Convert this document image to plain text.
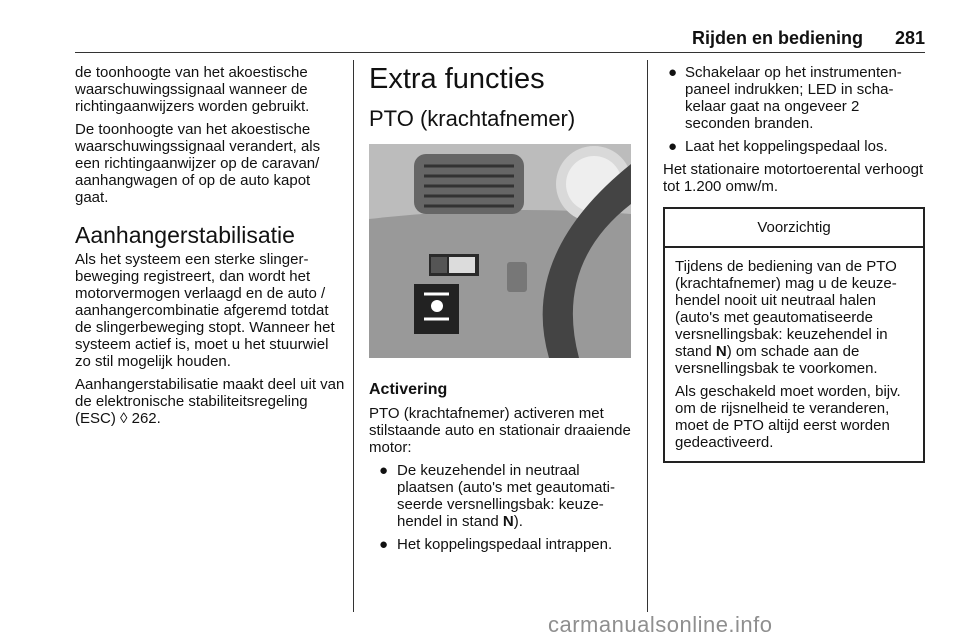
Rijden en bediening 281

de toonhoogte van het akoestische waarschuwingssignaal wanneer de richtingaanwijzers worden gebruikt.

De toonhoogte van het akoestische waarschuwingssignaal verandert, als een richtingaanwijzer op de caravan/ aanhangwagen of op de auto kapot gaat.

Aanhangerstabilisatie

Als het systeem een sterke slingerbeweging registreert, dan wordt het motorvermogen verlaagd en de auto / aanhangercombinatie afgeremd totdat de slingerbeweging stopt. Wanneer het systeem actief is, moet u het stuurwiel zo stil mogelijk houden.

Aanhangerstabilisatie maakt deel uit van de elektronische stabiliteitsregeling (ESC) ◊ 262.

Extra functies
PTO (krachtafnemer)
Activering

PTO (krachtafnemer) activeren met stilstaande auto en stationair draaiende motor:

● De keuzehendel in neutraal plaatsen (auto's met geautomatiseerde versnellingsbak: keuzehendel in stand N).
● Het koppelingspedaal intrappen.
● Schakelaar op het instrumentenpaneel indrukken; LED in schakelaar gaat na ongeveer 2 seconden branden.
● Laat het koppelingspedaal los.

Het stationaire motortoerental verhoogt tot 1.200 omw/m.

Voorzichtig

Tijdens de bediening van de PTO (krachtafnemer) mag u de keuzehendel nooit uit neutraal halen (auto's met geautomatiseerde versnellingsbak: keuzehendel in stand N) om schade aan de versnellingsbak te voorkomen.

Als geschakeld moet worden, bijv. om de rijsnelheid te veranderen, moet de PTO altijd eerst worden gedeactiveerd.

carmanualsonline.info
